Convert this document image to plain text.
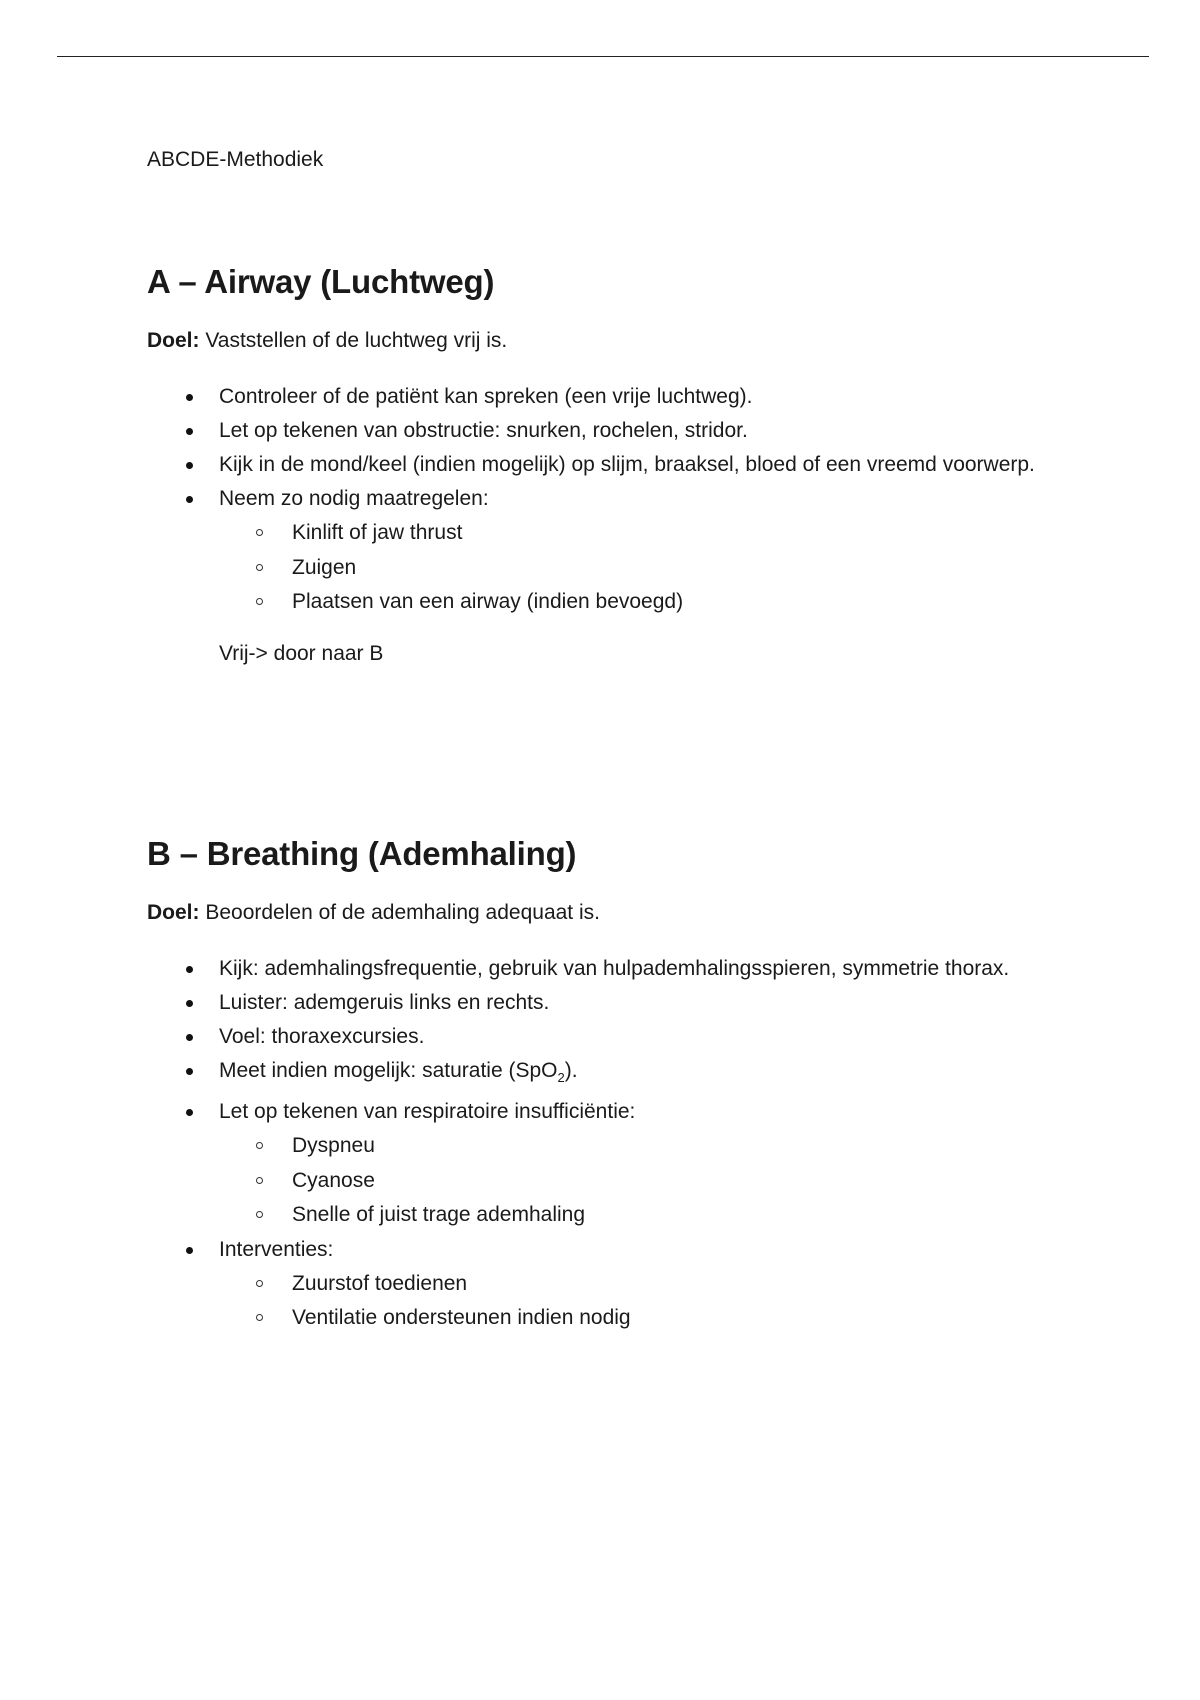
ABCDE-Methodiek

A – Airway (Luchtweg)

Doel: Vaststellen of de luchtweg vrij is.

Controleer of de patiënt kan spreken (een vrije luchtweg).
Let op tekenen van obstructie: snurken, rochelen, stridor.
Kijk in de mond/keel (indien mogelijk) op slijm, braaksel, bloed of een vreemd voorwerp.
Neem zo nodig maatregelen:
Kinlift of jaw thrust
Zuigen
Plaatsen van een airway (indien bevoegd)

Vrij-> door naar B

B – Breathing (Ademhaling)

Doel: Beoordelen of de ademhaling adequaat is.

Kijk: ademhalingsfrequentie, gebruik van hulpademhalingsspieren, symmetrie thorax.
Luister: ademgeruis links en rechts.
Voel: thoraxexcursies.
Meet indien mogelijk: saturatie (SpO$_2$).
Let op tekenen van respiratoire insufficiëntie:
Dyspneu
Cyanose
Snelle of juist trage ademhaling
Interventies:
Zuurstof toedienen
Ventilatie ondersteunen indien nodig
